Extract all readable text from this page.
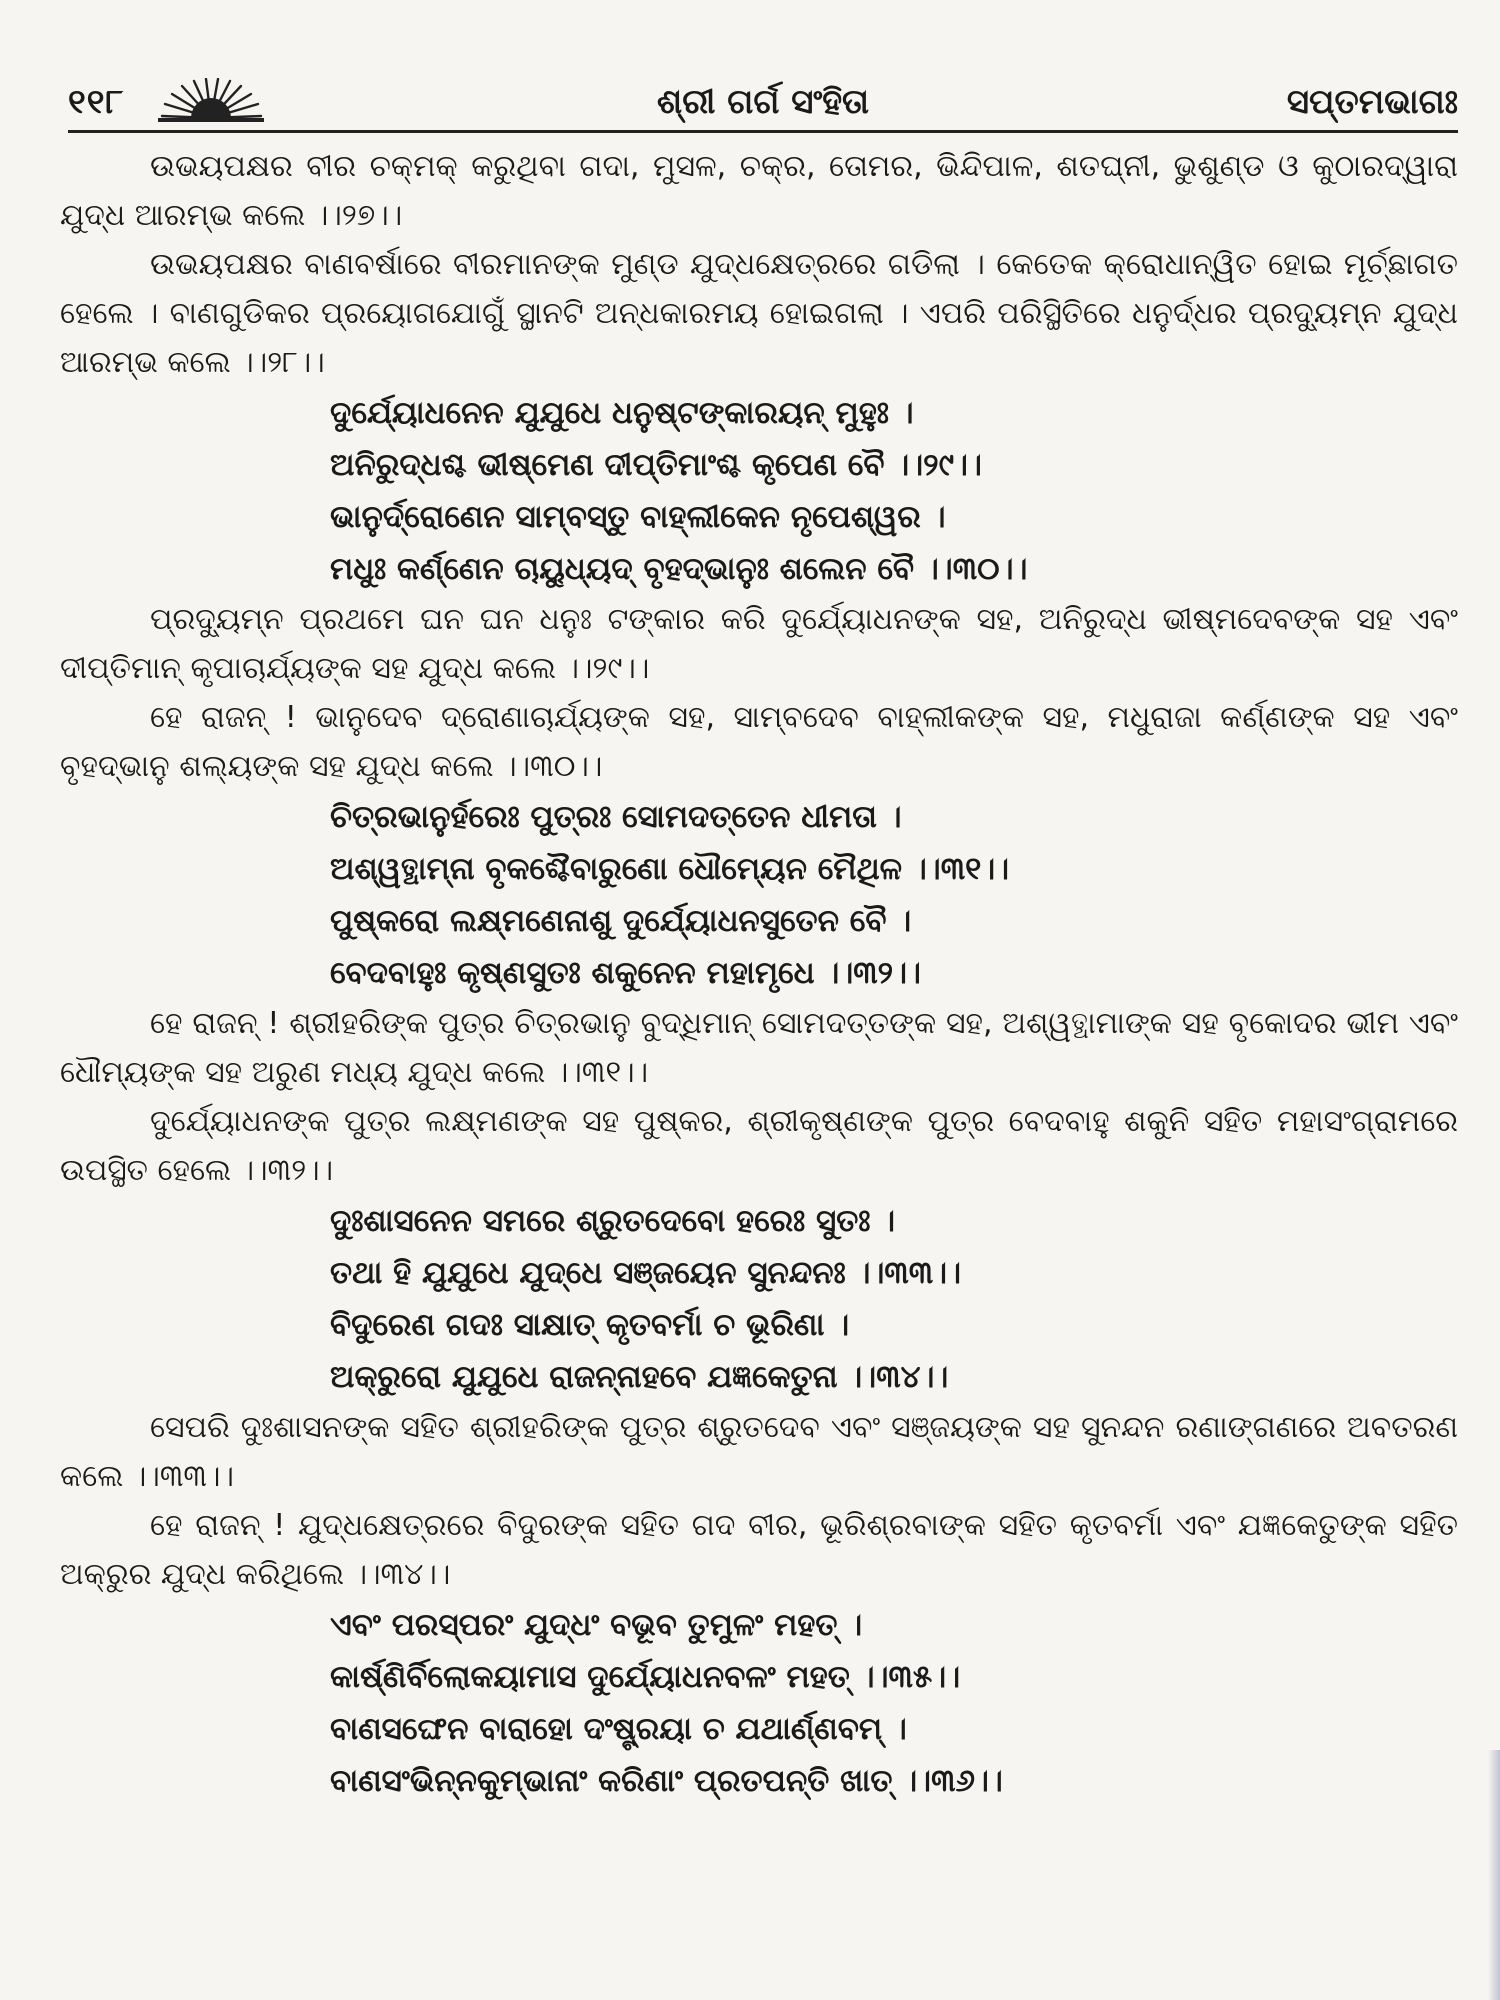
୧୧୮	ଶ୍ରୀ ଗର୍ଗ ସଂହିତା	ସପ୍ତମଭାଗଃ

ଉଭୟପକ୍ଷର ବୀର ଚକ୍‌ମକ୍ କରୁଥିବା ଗଦା, ମୁସଳ, ଚକ୍ର, ତୋମର, ଭିନ୍ଦିପାଳ, ଶତଘ୍ନୀ, ଭୁଶୁଣ୍ଡ ଓ କୁଠାରଦ୍ୱାରା ଯୁଦ୍ଧ ଆରମ୍ଭ କଲେ ।।୨୭।।

ଉଭୟପକ୍ଷର ବାଣବର୍ଷାରେ ବୀରମାନଙ୍କ ମୁଣ୍ଡ ଯୁଦ୍ଧକ୍ଷେତ୍ରରେ ଗଡିଲା । କେତେକ କ୍ରୋଧାନ୍ୱିତ ହୋଇ ମୂର୍ଚ୍ଛାଗତ ହେଲେ । ବାଣଗୁଡିକର ପ୍ରୟୋଗଯୋଗୁଁ ସ୍ଥାନଟି ଅନ୍ଧକାରମୟ ହୋଇଗଲା । ଏପରି ପରିସ୍ଥିତିରେ ଧନୁର୍ଦ୍ଧର ପ୍ରଦ୍ୟୁମ୍ନ ଯୁଦ୍ଧ ଆରମ୍ଭ କଲେ ।।୨୮।।

ଦୁର୍ଯ୍ୟୋଧନେନ ଯୁଯୁଧେ ଧନୁଷ୍ଟଙ୍କାରୟନ୍ ମୁହୁଃ ।

ଅନିରୁଦ୍ଧଶ୍ଚ ଭୀଷ୍ମେଣ ଦୀପ୍ତିମାଂଶ୍ଚ କୃପେଣ ବୈ ।।୨୯।।

ଭାନୁର୍ଦ୍ରୋଣେନ ସାମ୍ବସ୍ତୁ ବାହ୍ଲୀକେନ ନୃପେଶ୍ୱର ।

ମଧୁଃ କର୍ଣ୍ଣେନ ଚାୟୁଧ୍ୟଦ୍ ବୃହଦ୍‌ଭାନୁଃ ଶଲେନ ବୈ ।।୩୦।।

ପ୍ରଦ୍ୟୁମ୍ନ ପ୍ରଥମେ ଘନ ଘନ ଧନୁଃ ଟଙ୍କାର କରି ଦୁର୍ଯ୍ୟୋଧନଙ୍କ ସହ, ଅନିରୁଦ୍ଧ ଭୀଷ୍ମଦେବଙ୍କ ସହ ଏବଂ ଦୀପ୍ତିମାନ୍ କୃପାଚାର୍ଯ୍ୟଙ୍କ ସହ ଯୁଦ୍ଧ କଲେ ।।୨୯।।

ହେ ରାଜନ୍ ! ଭାନୁଦେବ ଦ୍ରୋଣାଚାର୍ଯ୍ୟଙ୍କ ସହ, ସାମ୍ବଦେବ ବାହ୍ଲୀକଙ୍କ ସହ, ମଧୁରାଜା କର୍ଣ୍ଣଙ୍କ ସହ ଏବଂ ବୃହଦ୍‌ଭାନୁ ଶଲ୍ୟଙ୍କ ସହ ଯୁଦ୍ଧ କଲେ ।।୩୦।।

ଚିତ୍ରଭାନୁର୍ହରେଃ ପୁତ୍ରଃ ସୋମଦତ୍ତେନ ଧୀମତା ।

ଅଶ୍ୱତ୍ଥାମ୍ନା ବୃକଶ୍ଚୈବାରୁଣୋ ଧୌମ୍ୟେନ ମୈଥିଳ ।।୩୧।।

ପୁଷ୍କରୋ ଲକ୍ଷ୍ମଣେନାଶୁ ଦୁର୍ଯ୍ୟୋଧନସୁତେନ ବୈ ।

ବେଦବାହୁଃ କୃଷ୍ଣସୁତଃ ଶକୁନେନ ମହାମୃଧେ ।।୩୨।।

ହେ ରାଜନ୍ ! ଶ୍ରୀହରିଙ୍କ ପୁତ୍ର ଚିତ୍ରଭାନୁ ବୁଦ୍ଧିମାନ୍ ସୋମଦତ୍ତଙ୍କ ସହ, ଅଶ୍ୱତ୍ଥାମାଙ୍କ ସହ ବୃକୋଦର ଭୀମ ଏବଂ ଧୌମ୍ୟଙ୍କ ସହ ଅରୁଣ ମଧ୍ୟ ଯୁଦ୍ଧ କଲେ ।।୩୧।।

ଦୁର୍ଯ୍ୟୋଧନଙ୍କ ପୁତ୍ର ଲକ୍ଷ୍ମଣଙ୍କ ସହ ପୁଷ୍କର, ଶ୍ରୀକୃଷ୍ଣଙ୍କ ପୁତ୍ର ବେଦବାହୁ ଶକୁନି ସହିତ ମହାସଂଗ୍ରାମରେ ଉପସ୍ଥିତ ହେଲେ ।।୩୨।।

ଦୁଃଶାସନେନ ସମରେ ଶ୍ରୁତଦେବୋ ହରେଃ ସୁତଃ ।

ତଥା ହି ଯୁଯୁଧେ ଯୁଦ୍ଧେ ସଞ୍ଜୟେନ ସୁନନ୍ଦନଃ ।।୩୩।।

ବିଦୁରେଣ ଗଦଃ ସାକ୍ଷାତ୍ କୃତବର୍ମା ଚ ଭୂରିଣା ।

ଅକ୍ରୁରୋ ଯୁଯୁଧେ ରାଜନ୍ନାହବେ ଯଜ୍ଞକେତୁନା ।।୩୪।।

ସେପରି ଦୁଃଶାସନଙ୍କ ସହିତ ଶ୍ରୀହରିଙ୍କ ପୁତ୍ର ଶ୍ରୁତଦେବ ଏବଂ ସଞ୍ଜୟଙ୍କ ସହ ସୁନନ୍ଦନ ରଣାଙ୍ଗଣରେ ଅବତରଣ କଲେ ।।୩୩।।

ହେ ରାଜନ୍ ! ଯୁଦ୍ଧକ୍ଷେତ୍ରରେ ବିଦୁରଙ୍କ ସହିତ ଗଦ ବୀର, ଭୂରିଶ୍ରବାଙ୍କ ସହିତ କୃତବର୍ମା ଏବଂ ଯଜ୍ଞକେତୁଙ୍କ ସହିତ ଅକ୍ରୁର ଯୁଦ୍ଧ କରିଥିଲେ ।।୩୪।।

ଏବଂ ପରସ୍ପରଂ ଯୁଦ୍ଧଂ ବଭୂବ ତୁମୁଳଂ ମହତ୍ ।

କାର୍ଷ୍ଣିର୍ବିଲୋକୟାମାସ ଦୁର୍ଯ୍ୟୋଧନବଳଂ ମହତ୍ ।।୩୫।।

ବାଣସଙ୍ଘେନ ବାରାହୋ ଦଂଷ୍ଟ୍ରୟା ଚ ଯଥାର୍ଣ୍ଣବମ୍ ।

ବାଣସଂଭିନ୍ନକୁମ୍ଭାନାଂ କରିଣାଂ ପ୍ରତପନ୍ତି ଖାତ୍ ।।୩୬।।
